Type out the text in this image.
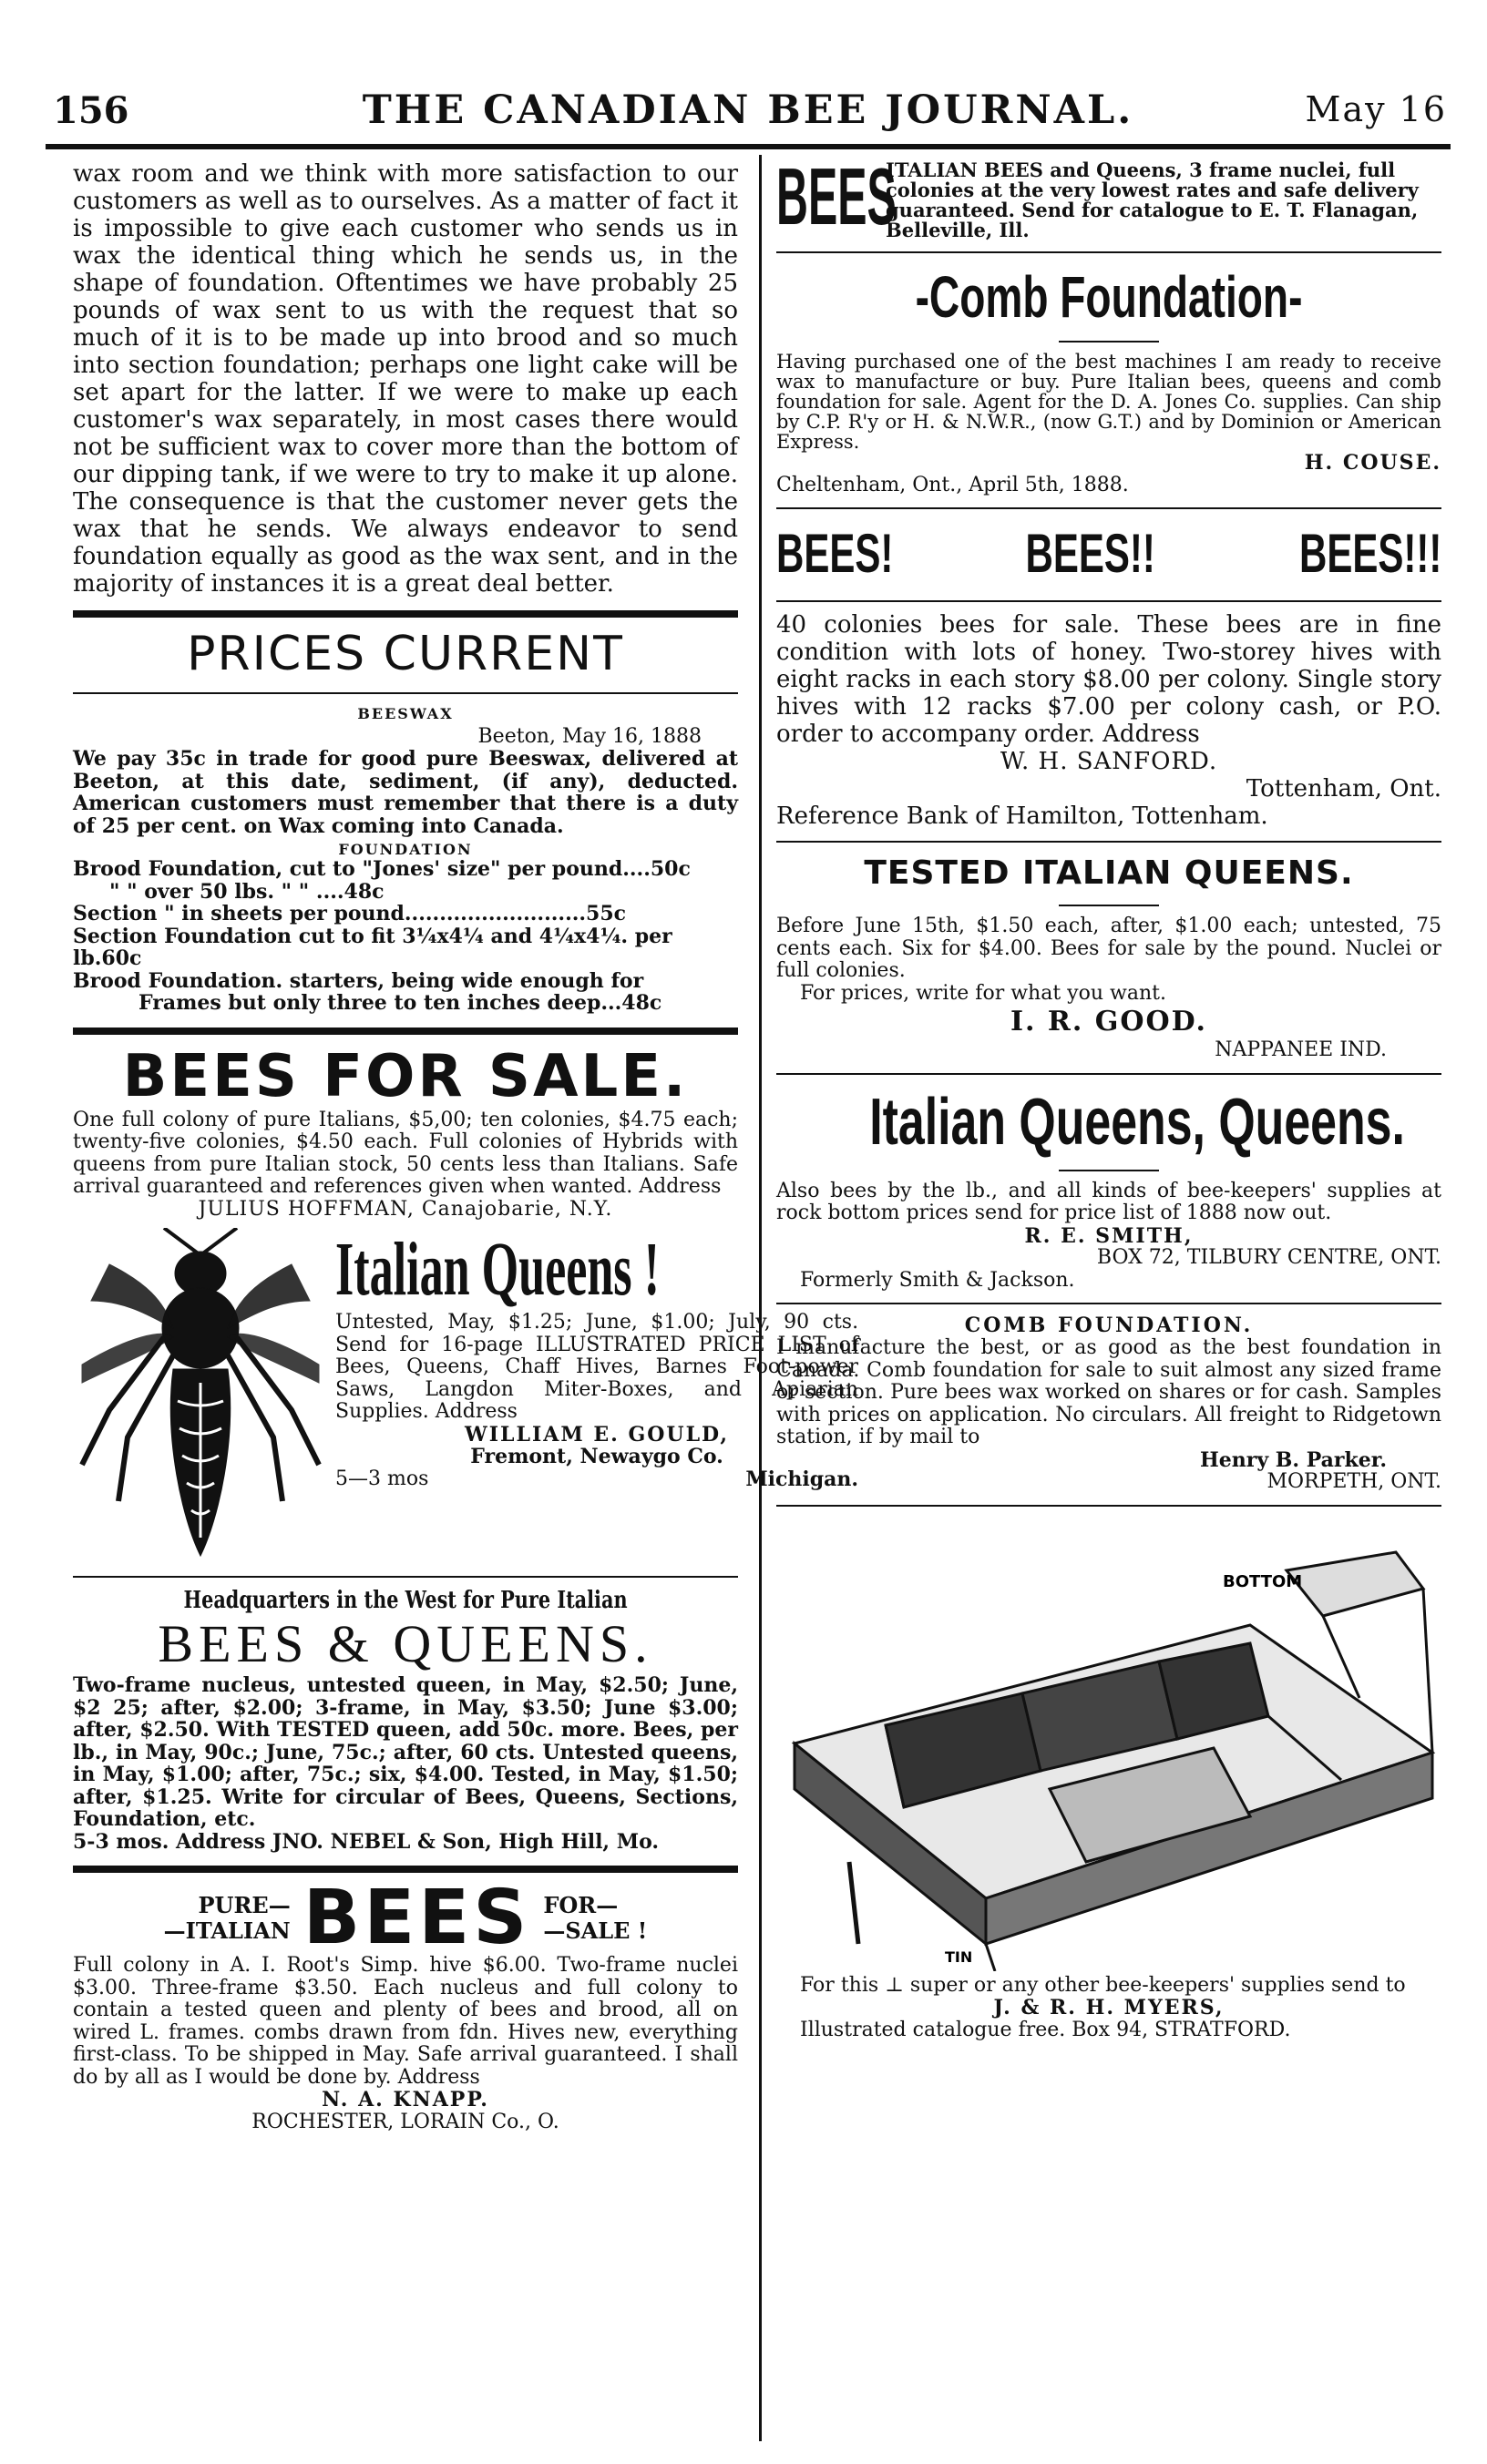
156	THE CANADIAN BEE JOURNAL.	May 16

wax room and we think with more satisfaction to our customers as well as to ourselves. As a matter of fact it is impossible to give each customer who sends us in wax the identical thing which he sends us, in the shape of foundation. Oftentimes we have probably 25 pounds of wax sent to us with the request that so much of it is to be made up into brood and so much into section foundation; perhaps one light cake will be set apart for the latter. If we were to make up each customer's wax separately, in most cases there would not be sufficient wax to cover more than the bottom of our dipping tank, if we were to try to make it up alone. The consequence is that the customer never gets the wax that he sends. We always endeavor to send foundation equally as good as the wax sent, and in the majority of instances it is a great deal better.

PRICES CURRENT
BEESWAX
Beeton, May 16, 1888

We pay 35c in trade for good pure Beeswax, delivered at Beeton, at this date, sediment, (if any), deducted. American customers must remember that there is a duty of 25 per cent. on Wax coming into Canada.

FOUNDATION
Brood Foundation, cut to "Jones' size" per pound....50c
" " over 50 lbs. " " ....48c
Section " in sheets per pound..........................55c
Section Foundation cut to fit 3¼x4¼ and 4¼x4¼. per lb.60c
Brood Foundation. starters, being wide enough for
Frames but only three to ten inches deep...48c
BEES FOR SALE.

One full colony of pure Italians, $5,00; ten colonies, $4.75 each; twenty-five colonies, $4.50 each. Full colonies of Hybrids with queens from pure Italian stock, 50 cents less than Italians. Safe arrival guaranteed and references given when wanted. Address

JULIUS HOFFMAN, Canajobarie, N.Y.
Italian Queens !

Untested, May, $1.25; June, $1.00; July, 90 cts. Send for 16-page ILLUSTRATED PRICE LIST of Bees, Queens, Chaff Hives, Barnes Foot-power Saws, Langdon Miter-Boxes, and Apiarian Supplies. Address

WILLIAM E. GOULD,
Fremont, Newaygo Co.
5—3 mos	Michigan.
Headquarters in the West for Pure Italian
BEES & QUEENS.

Two-frame nucleus, untested queen, in May, $2.50; June, $2 25; after, $2.00; 3-frame, in May, $3.50; June $3.00; after, $2.50. With TESTED queen, add 50c. more. Bees, per lb., in May, 90c.; June, 75c.; after, 60 cts. Untested queens, in May, $1.00; after, 75c.; six, $4.00. Tested, in May, $1.50; after, $1.25. Write for circular of Bees, Queens, Sections, Foundation, etc.

5-3 mos. Address JNO. NEBEL & Son, High Hill, Mo.
PURE—
—ITALIAN BEES FOR—
—SALE !

Full colony in A. I. Root's Simp. hive $6.00. Two-frame nuclei $3.00. Three-frame $3.50. Each nucleus and full colony to contain a tested queen and plenty of bees and brood, all on wired L. frames. combs drawn from fdn. Hives new, everything first-class. To be shipped in May. Safe arrival guaranteed. I shall do by all as I would be done by. Address

N. A. KNAPP.
ROCHESTER, LORAIN Co., O.
BEES

ITALIAN BEES and Queens, 3 frame nuclei, full colonies at the very lowest rates and safe delivery guaranteed. Send for catalogue to E. T. Flanagan, Belleville, Ill.

-Comb Foundation-

Having purchased one of the best machines I am ready to receive wax to manufacture or buy. Pure Italian bees, queens and comb foundation for sale. Agent for the D. A. Jones Co. supplies. Can ship by C.P. R'y or H. & N.W.R., (now G.T.) and by Dominion or American Express.

H. COUSE.
Cheltenham, Ont., April 5th, 1888.
BEES! BEES!!	BEES!!!

40 colonies bees for sale. These bees are in fine condition with lots of honey. Two-storey hives with eight racks in each story $8.00 per colony. Single story hives with 12 racks $7.00 per colony cash, or P.O. order to accompany order. Address

W. H. SANFORD.
Tottenham, Ont.
Reference Bank of Hamilton, Tottenham.
TESTED ITALIAN QUEENS.

Before June 15th, $1.50 each, after, $1.00 each; untested, 75 cents each. Six for $4.00. Bees for sale by the pound. Nuclei or full colonies.

For prices, write for what you want.
I. R. GOOD.
NAPPANEE IND.
Italian Queens, Queens.

Also bees by the lb., and all kinds of bee-keepers' supplies at rock bottom prices send for price list of 1888 now out.

R. E. SMITH,
BOX 72, TILBURY CENTRE, ONT.
Formerly Smith & Jackson.
COMB FOUNDATION.

I manufacture the best, or as good as the best foundation in Canada. Comb foundation for sale to suit almost any sized frame or section. Pure bees wax worked on shares or for cash. Samples with prices on application. No circulars. All freight to Ridgetown station, if by mail to

Henry B. Parker.
MORPETH, ONT.
BOTTOM
TIN

For this ⊥ super or any other bee-keepers' supplies send to

J. & R. H. MYERS,
Illustrated catalogue free. Box 94, STRATFORD.
